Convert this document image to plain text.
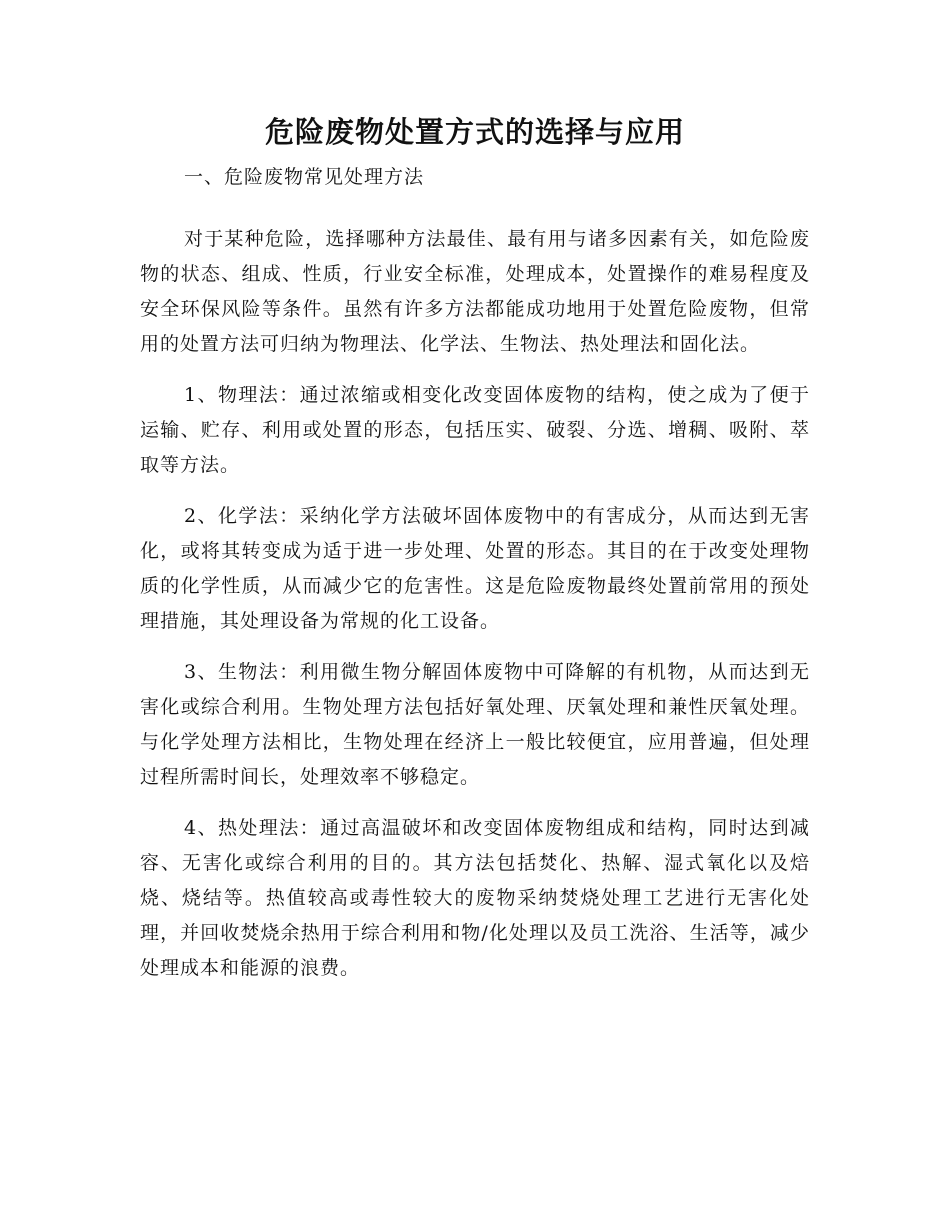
危险废物处置方式的选择与应用

一、危险废物常见处理方法

对于某种危险，选择哪种方法最佳、最有用与诸多因素有关，如危险废物的状态、组成、性质，行业安全标准，处理成本，处置操作的难易程度及安全环保风险等条件。虽然有许多方法都能成功地用于处置危险废物，但常用的处置方法可归纳为物理法、化学法、生物法、热处理法和固化法。

1、物理法：通过浓缩或相变化改变固体废物的结构，使之成为了便于运输、贮存、利用或处置的形态，包括压实、破裂、分选、增稠、吸附、萃取等方法。

2、化学法：采纳化学方法破坏固体废物中的有害成分，从而达到无害化，或将其转变成为适于进一步处理、处置的形态。其目的在于改变处理物质的化学性质，从而减少它的危害性。这是危险废物最终处置前常用的预处理措施，其处理设备为常规的化工设备。

3、生物法：利用微生物分解固体废物中可降解的有机物，从而达到无害化或综合利用。生物处理方法包括好氧处理、厌氧处理和兼性厌氧处理。与化学处理方法相比，生物处理在经济上一般比较便宜，应用普遍，但处理过程所需时间长，处理效率不够稳定。

4、热处理法：通过高温破坏和改变固体废物组成和结构，同时达到减容、无害化或综合利用的目的。其方法包括焚化、热解、湿式氧化以及焙烧、烧结等。热值较高或毒性较大的废物采纳焚烧处理工艺进行无害化处理，并回收焚烧余热用于综合利用和物/化处理以及员工洗浴、生活等，减少处理成本和能源的浪费。
